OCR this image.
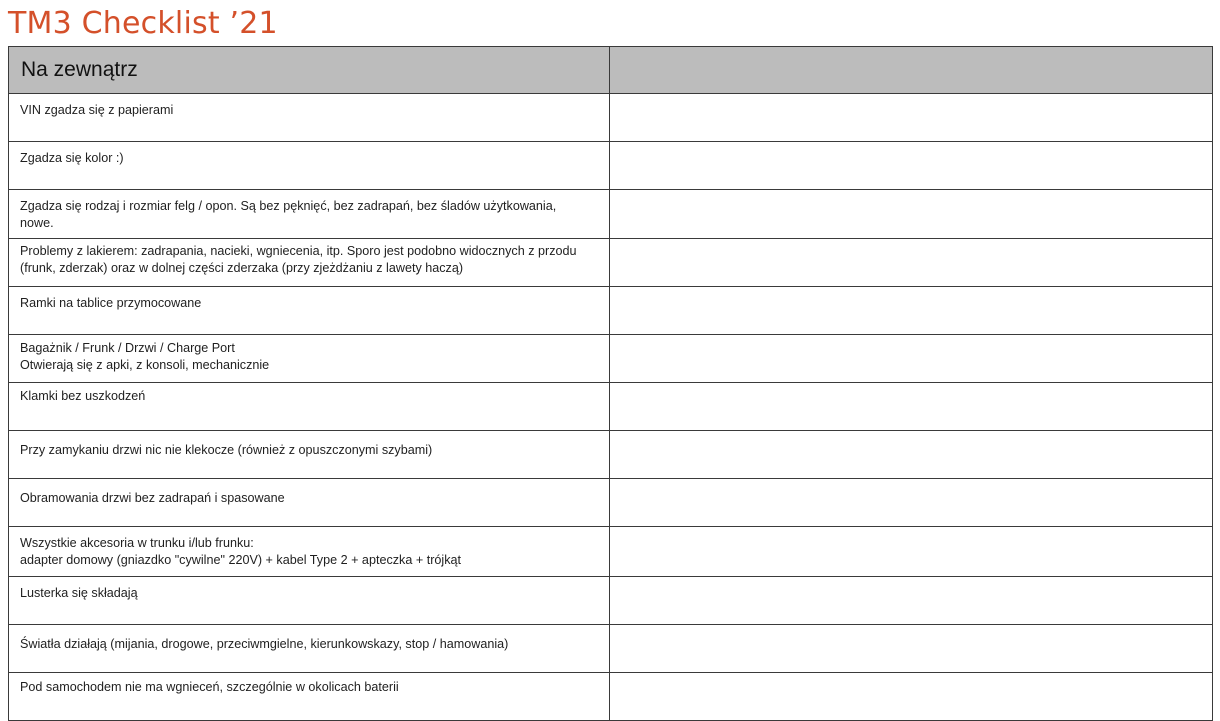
TM3 Checklist ’21
Na zewnątrz	

VIN zgadza się z papierami	

Zgadza się kolor :)	

Zgadza się rodzaj i rozmiar felg / opon. Są bez pęknięć, bez zadrapań, bez śladów użytkowania,
nowe.	

Problemy z lakierem: zadrapania, nacieki, wgniecenia, itp. Sporo jest podobno widocznych z przodu
(frunk, zderzak) oraz w dolnej części zderzaka (przy zjeżdżaniu z lawety haczą)	

Ramki na tablice przymocowane	

Bagażnik / Frunk / Drzwi / Charge Port
Otwierają się z apki, z konsoli, mechanicznie	

Klamki bez uszkodzeń	

Przy zamykaniu drzwi nic nie klekocze (również z opuszczonymi szybami)	

Obramowania drzwi bez zadrapań i spasowane	

Wszystkie akcesoria w trunku i/lub frunku:
adapter domowy (gniazdko "cywilne" 220V) + kabel Type 2 + apteczka + trójkąt	

Lusterka się składają	

Światła działają (mijania, drogowe, przeciwmgielne, kierunkowskazy, stop / hamowania)	

Pod samochodem nie ma wgnieceń, szczególnie w okolicach baterii	
